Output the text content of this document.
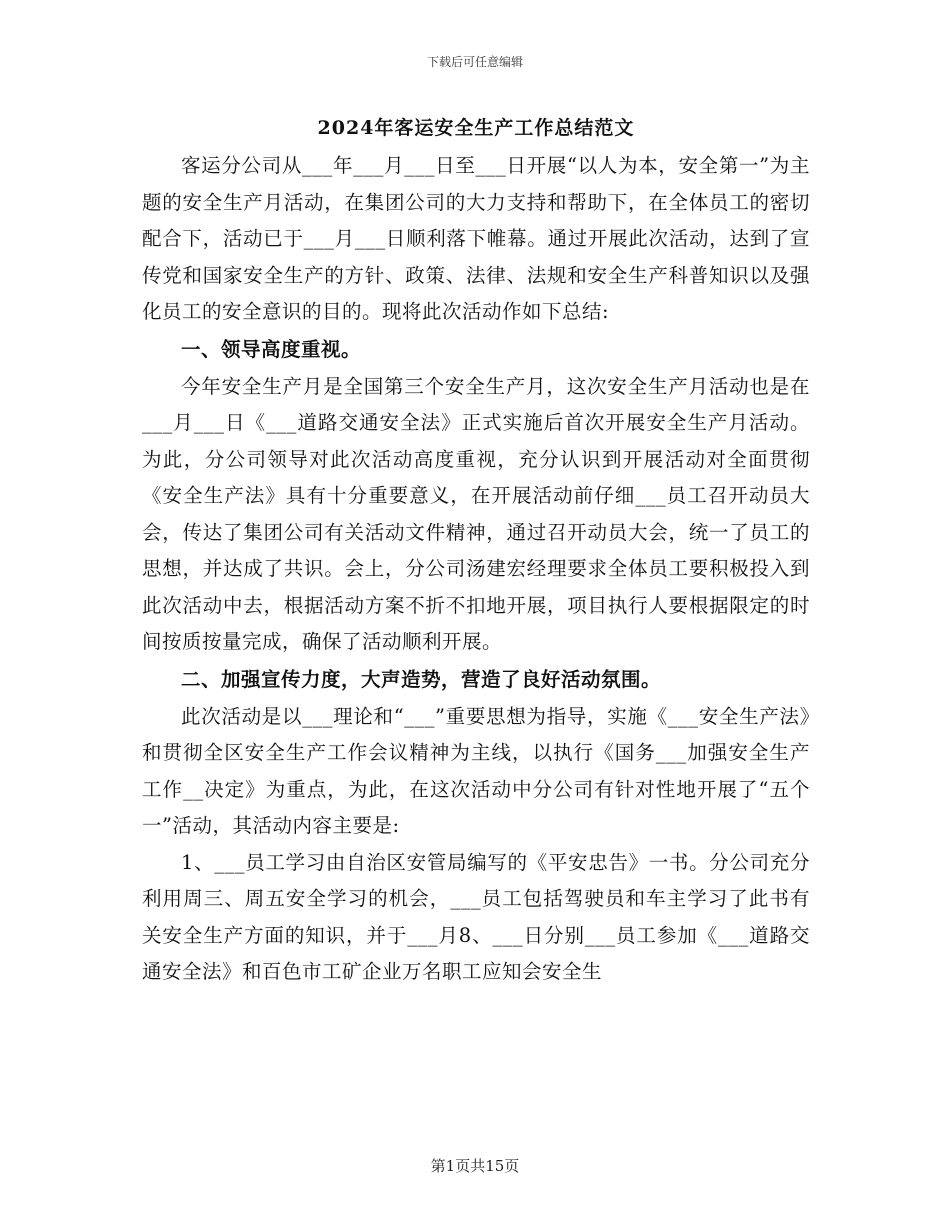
下载后可任意编辑
2024年客运安全生产工作总结范文

客运分公司从___年___月___日至___日开展“以人为本，安全第一”为主题的安全生产月活动，在集团公司的大力支持和帮助下，在全体员工的密切配合下，活动已于___月___日顺利落下帷幕。通过开展此次活动，达到了宣传党和国家安全生产的方针、政策、法律、法规和安全生产科普知识以及强化员工的安全意识的目的。现将此次活动作如下总结:

一、领导高度重视。

今年安全生产月是全国第三个安全生产月，这次安全生产月活动也是在___月___日《___道路交通安全法》正式实施后首次开展安全生产月活动。为此，分公司领导对此次活动高度重视，充分认识到开展活动对全面贯彻《安全生产法》具有十分重要意义，在开展活动前仔细___员工召开动员大会，传达了集团公司有关活动文件精神，通过召开动员大会，统一了员工的思想，并达成了共识。会上，分公司汤建宏经理要求全体员工要积极投入到此次活动中去，根据活动方案不折不扣地开展，项目执行人要根据限定的时间按质按量完成，确保了活动顺利开展。

二、加强宣传力度，大声造势，营造了良好活动氛围。

此次活动是以___理论和“___”重要思想为指导，实施《___安全生产法》和贯彻全区安全生产工作会议精神为主线，以执行《国务___加强安全生产工作__决定》为重点，为此，在这次活动中分公司有针对性地开展了“五个一”活动，其活动内容主要是:

1、___员工学习由自治区安管局编写的《平安忠告》一书。分公司充分利用周三、周五安全学习的机会，___员工包括驾驶员和车主学习了此书有关安全生产方面的知识，并于___月8、___日分别___员工参加《___道路交通安全法》和百色市工矿企业万名职工应知会安全生

第1页共15页
